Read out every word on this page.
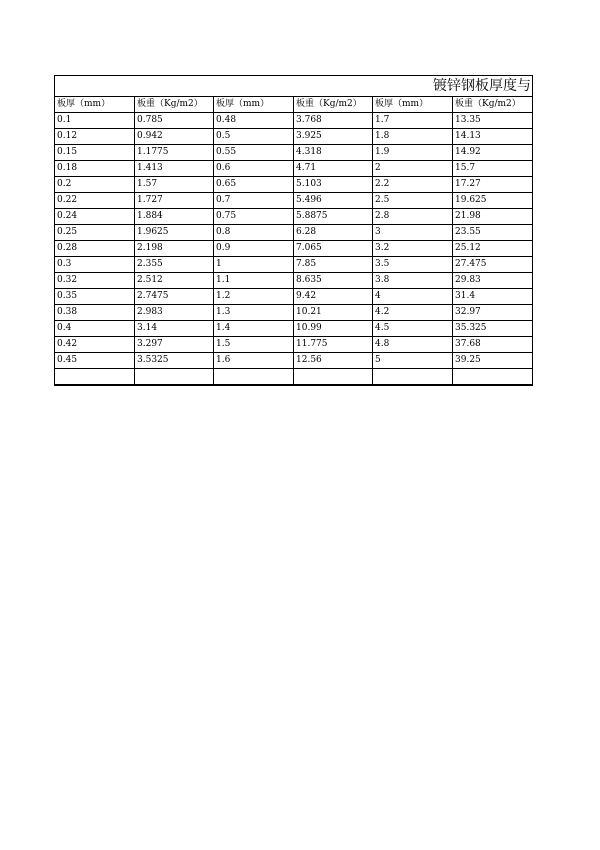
镀锌钢板厚度与					

板厚（mm）	板重（Kg/m2）	板厚（mm）	板重（Kg/m2）	板厚（mm）	板重（Kg/m2）
0.1	0.785	0.48	3.768	1.7	13.35
0.12	0.942	0.5	3.925	1.8	14.13
0.15	1.1775	0.55	4.318	1.9	14.92
0.18	1.413	0.6	4.71	2	15.7
0.2	1.57	0.65	5.103	2.2	17.27
0.22	1.727	0.7	5.496	2.5	19.625
0.24	1.884	0.75	5.8875	2.8	21.98
0.25	1.9625	0.8	6.28	3	23.55
0.28	2.198	0.9	7.065	3.2	25.12
0.3	2.355	1	7.85	3.5	27.475
0.32	2.512	1.1	8.635	3.8	29.83
0.35	2.7475	1.2	9.42	4	31.4
0.38	2.983	1.3	10.21	4.2	32.97
0.4	3.14	1.4	10.99	4.5	35.325
0.42	3.297	1.5	11.775	4.8	37.68
0.45	3.5325	1.6	12.56	5	39.25
